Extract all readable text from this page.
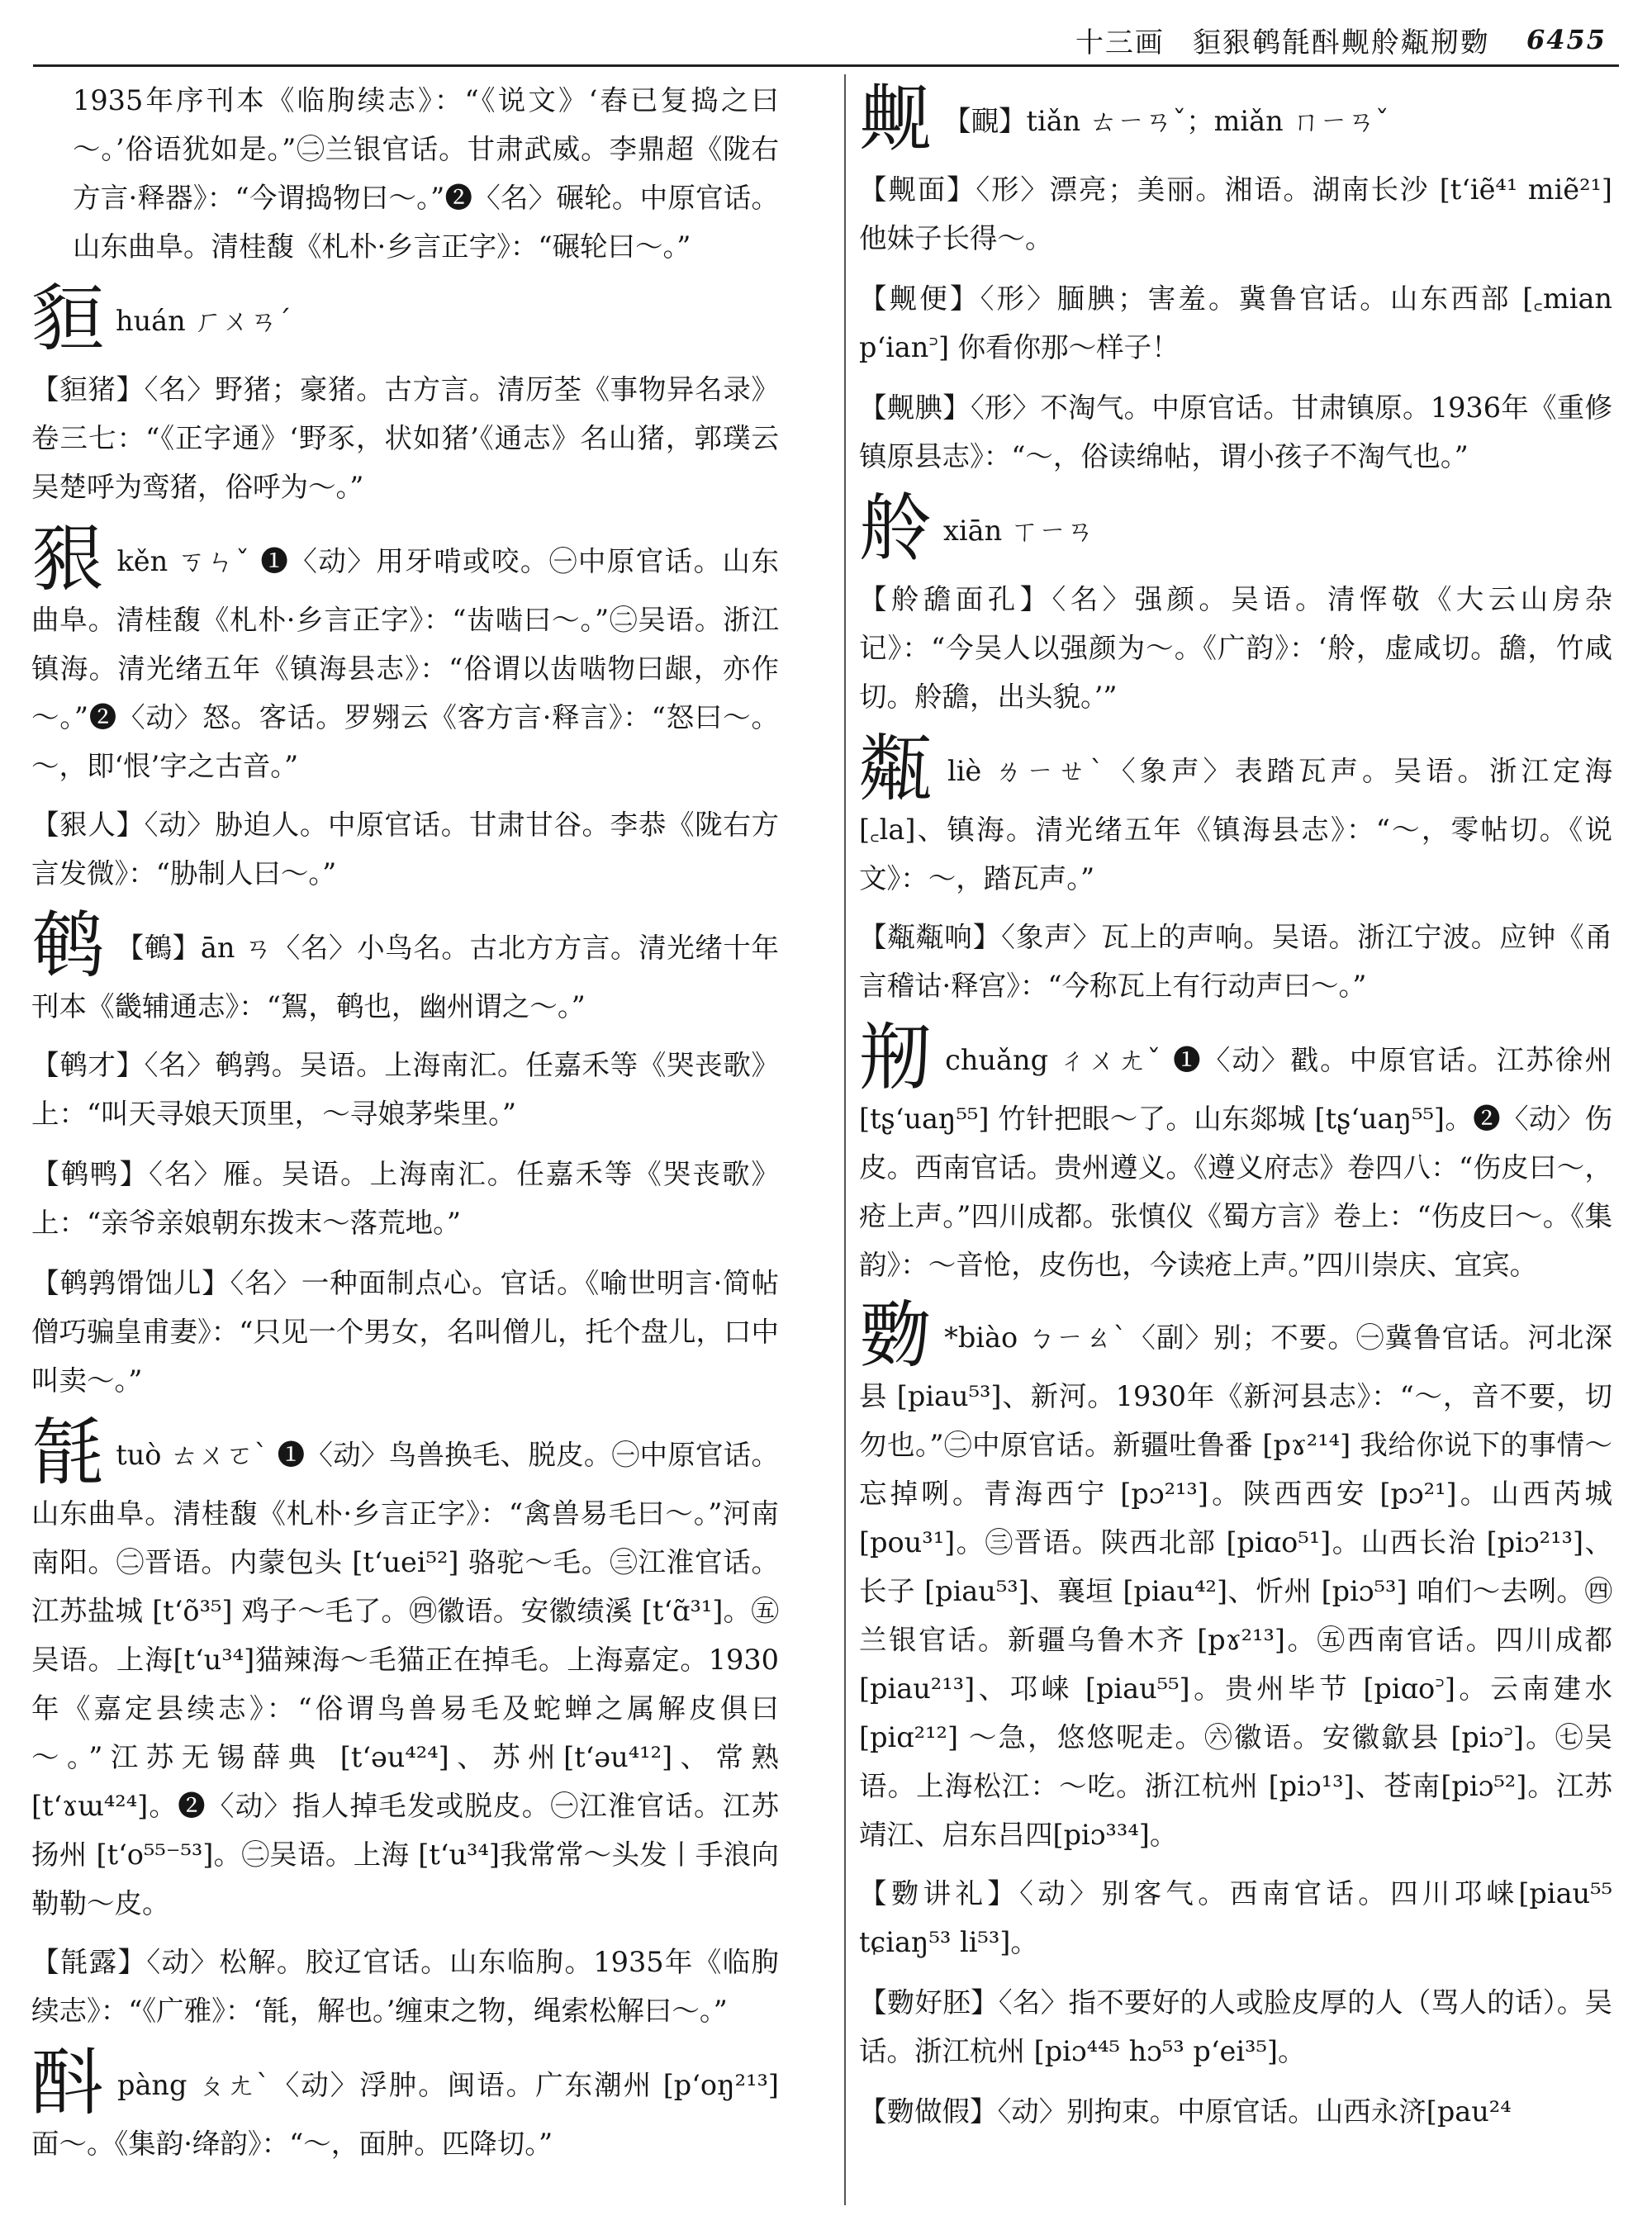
十三画 貆豤鹌毻酙觍舲甐剏覅 6455
1935年序刊本《临朐续志》：“《说文》‘舂已复捣之曰～。’俗语犹如是。”㊁兰银官话。甘肃武威。李鼎超《陇右方言·释器》：“今谓捣物曰～。”❷〈名〉碾轮。中原官话。山东曲阜。清桂馥《札朴·乡言正字》：“碾轮曰～。”
貆huán ㄏㄨㄢˊ
【貆猪】〈名〉野猪；豪猪。古方言。清厉荃《事物异名录》卷三七：“《正字通》‘野豕，状如猪’《通志》名山猪，郭璞云吴楚呼为鸾猪，俗呼为～。”
豤kěn ㄎㄣˇ ❶〈动〉用牙啃或咬。㊀中原官话。山东曲阜。清桂馥《札朴·乡言正字》：“齿啮曰～。”㊁吴语。浙江镇海。清光绪五年《镇海县志》：“俗谓以齿啮物曰龈，亦作～。”❷〈动〉怒。客话。罗翙云《客方言·释言》：“怒曰～。～，即‘恨’字之古音。”
【豤人】〈动〉胁迫人。中原官话。甘肃甘谷。李恭《陇右方言发微》：“胁制人曰～。”
鹌 【鵪】ān ㄢ〈名〉小鸟名。古北方方言。清光绪十年刊本《畿辅通志》：“鴽，鹌也，幽州谓之～。”
【鹌才】〈名〉鹌鹑。吴语。上海南汇。任嘉禾等《哭丧歌》上：“叫天寻娘天顶里，～寻娘茅柴里。”
【鹌鸭】〈名〉雁。吴语。上海南汇。任嘉禾等《哭丧歌》上：“亲爷亲娘朝东拨末～落荒地。”
【鹌鹑馉饳儿】〈名〉一种面制点心。官话。《喻世明言·简帖僧巧骗皇甫妻》：“只见一个男女，名叫僧儿，托个盘儿，口中叫卖～。”
毻tuò ㄊㄨㄛˋ ❶〈动〉鸟兽换毛、脱皮。㊀中原官话。山东曲阜。清桂馥《札朴·乡言正字》：“禽兽易毛曰～。”河南南阳。㊁晋语。内蒙包头 [t‘uei⁵²] 骆驼～毛。㊂江淮官话。江苏盐城 [t‘õ³⁵] 鸡子～毛了。㊃徽语。安徽绩溪 [t‘ɑ̃³¹]。㊄吴语。上海[t‘u³⁴]猫辣海～毛猫正在掉毛。上海嘉定。1930年《嘉定县续志》：“俗谓鸟兽易毛及蛇蝉之属解皮俱曰～。”江苏无锡薛典 [t‘əu⁴²⁴]、苏州[t‘əu⁴¹²]、常熟[t‘ɤɯ⁴²⁴]。❷〈动〉指人掉毛发或脱皮。㊀江淮官话。江苏扬州 [t‘o⁵⁵⁻⁵³]。㊁吴语。上海 [t‘u³⁴]我常常～头发丨手浪向勒勒～皮。
【毻露】〈动〉松解。胶辽官话。山东临朐。1935年《临朐续志》：“《广雅》：‘毻，解也。’缠束之物，绳索松解曰～。”
酙pàng ㄆㄤˋ〈动〉浮肿。闽语。广东潮州 [p‘oŋ²¹³] 面～。《集韵·绛韵》：“～，面肿。匹降切。”
觍 【靦】tiǎn ㄊㄧㄢˇ；miǎn ㄇㄧㄢˇ
【觍面】〈形〉漂亮；美丽。湘语。湖南长沙 [t‘iẽ⁴¹ miẽ²¹] 他妹子长得～。
【觍便】〈形〉腼腆；害羞。冀鲁官话。山东西部 [꜀mian p‘ian꜄] 你看你那～样子！
【觍腆】〈形〉不淘气。中原官话。甘肃镇原。1936年《重修镇原县志》：“～，俗读绵帖，谓小孩子不淘气也。”
舲xiān ㄒㄧㄢ
【舲舚面孔】〈名〉强颜。吴语。清恽敬《大云山房杂记》：“今吴人以强颜为～。《广韵》：‘舲，虚咸切。舚，竹咸切。舲舚，出头貌。’”
甐liè ㄌㄧㄝˋ〈象声〉表踏瓦声。吴语。浙江定海 [꜀la]、镇海。清光绪五年《镇海县志》：“～，零帖切。《说文》：～，踏瓦声。”
【甐甐响】〈象声〉瓦上的声响。吴语。浙江宁波。应钟《甬言稽诂·释宫》：“今称瓦上有行动声曰～。”
剏chuǎng ㄔㄨㄤˇ ❶〈动〉戳。中原官话。江苏徐州 [tʂ‘uaŋ⁵⁵] 竹针把眼～了。山东郯城 [tʂ‘uaŋ⁵⁵]。❷〈动〉伤皮。西南官话。贵州遵义。《遵义府志》卷四八：“伤皮曰～，疮上声。”四川成都。张慎仪《蜀方言》卷上：“伤皮曰～。《集韵》：～音怆，皮伤也，今读疮上声。”四川崇庆、宜宾。
覅 *biào ㄅㄧㄠˋ〈副〉别；不要。㊀冀鲁官话。河北深县 [piau⁵³]、新河。1930年《新河县志》：“～，音不要，切勿也。”㊁中原官话。新疆吐鲁番 [pɤ²¹⁴] 我给你说下的事情～忘掉咧。青海西宁 [pɔ²¹³]。陕西西安 [pɔ²¹]。山西芮城 [pou³¹]。㊂晋语。陕西北部 [piɑo⁵¹]。山西长治 [piɔ²¹³]、长子 [piau⁵³]、襄垣 [piau⁴²]、忻州 [piɔ⁵³] 咱们～去咧。㊃兰银官话。新疆乌鲁木齐 [pɤ²¹³]。㊄西南官话。四川成都 [piau²¹³]、邛崃 [piau⁵⁵]。贵州毕节 [piɑo꜄]。云南建水 [piɑ²¹²] ～急，悠悠呢走。㊅徽语。安徽歙县 [piɔ꜄]。㊆吴语。上海松江：～吃。浙江杭州 [piɔ¹³]、苍南[piɔ⁵²]。江苏靖江、启东吕四[piɔ³³⁴]。
【覅讲礼】〈动〉别客气。西南官话。四川邛崃[piau⁵⁵ tɕiaŋ⁵³ li⁵³]。
【覅好胚】〈名〉指不要好的人或脸皮厚的人（骂人的话）。吴话。浙江杭州 [piɔ⁴⁴⁵ hɔ⁵³ p‘ei³⁵]。
【覅做假】〈动〉别拘束。中原官话。山西永济[pau²⁴
